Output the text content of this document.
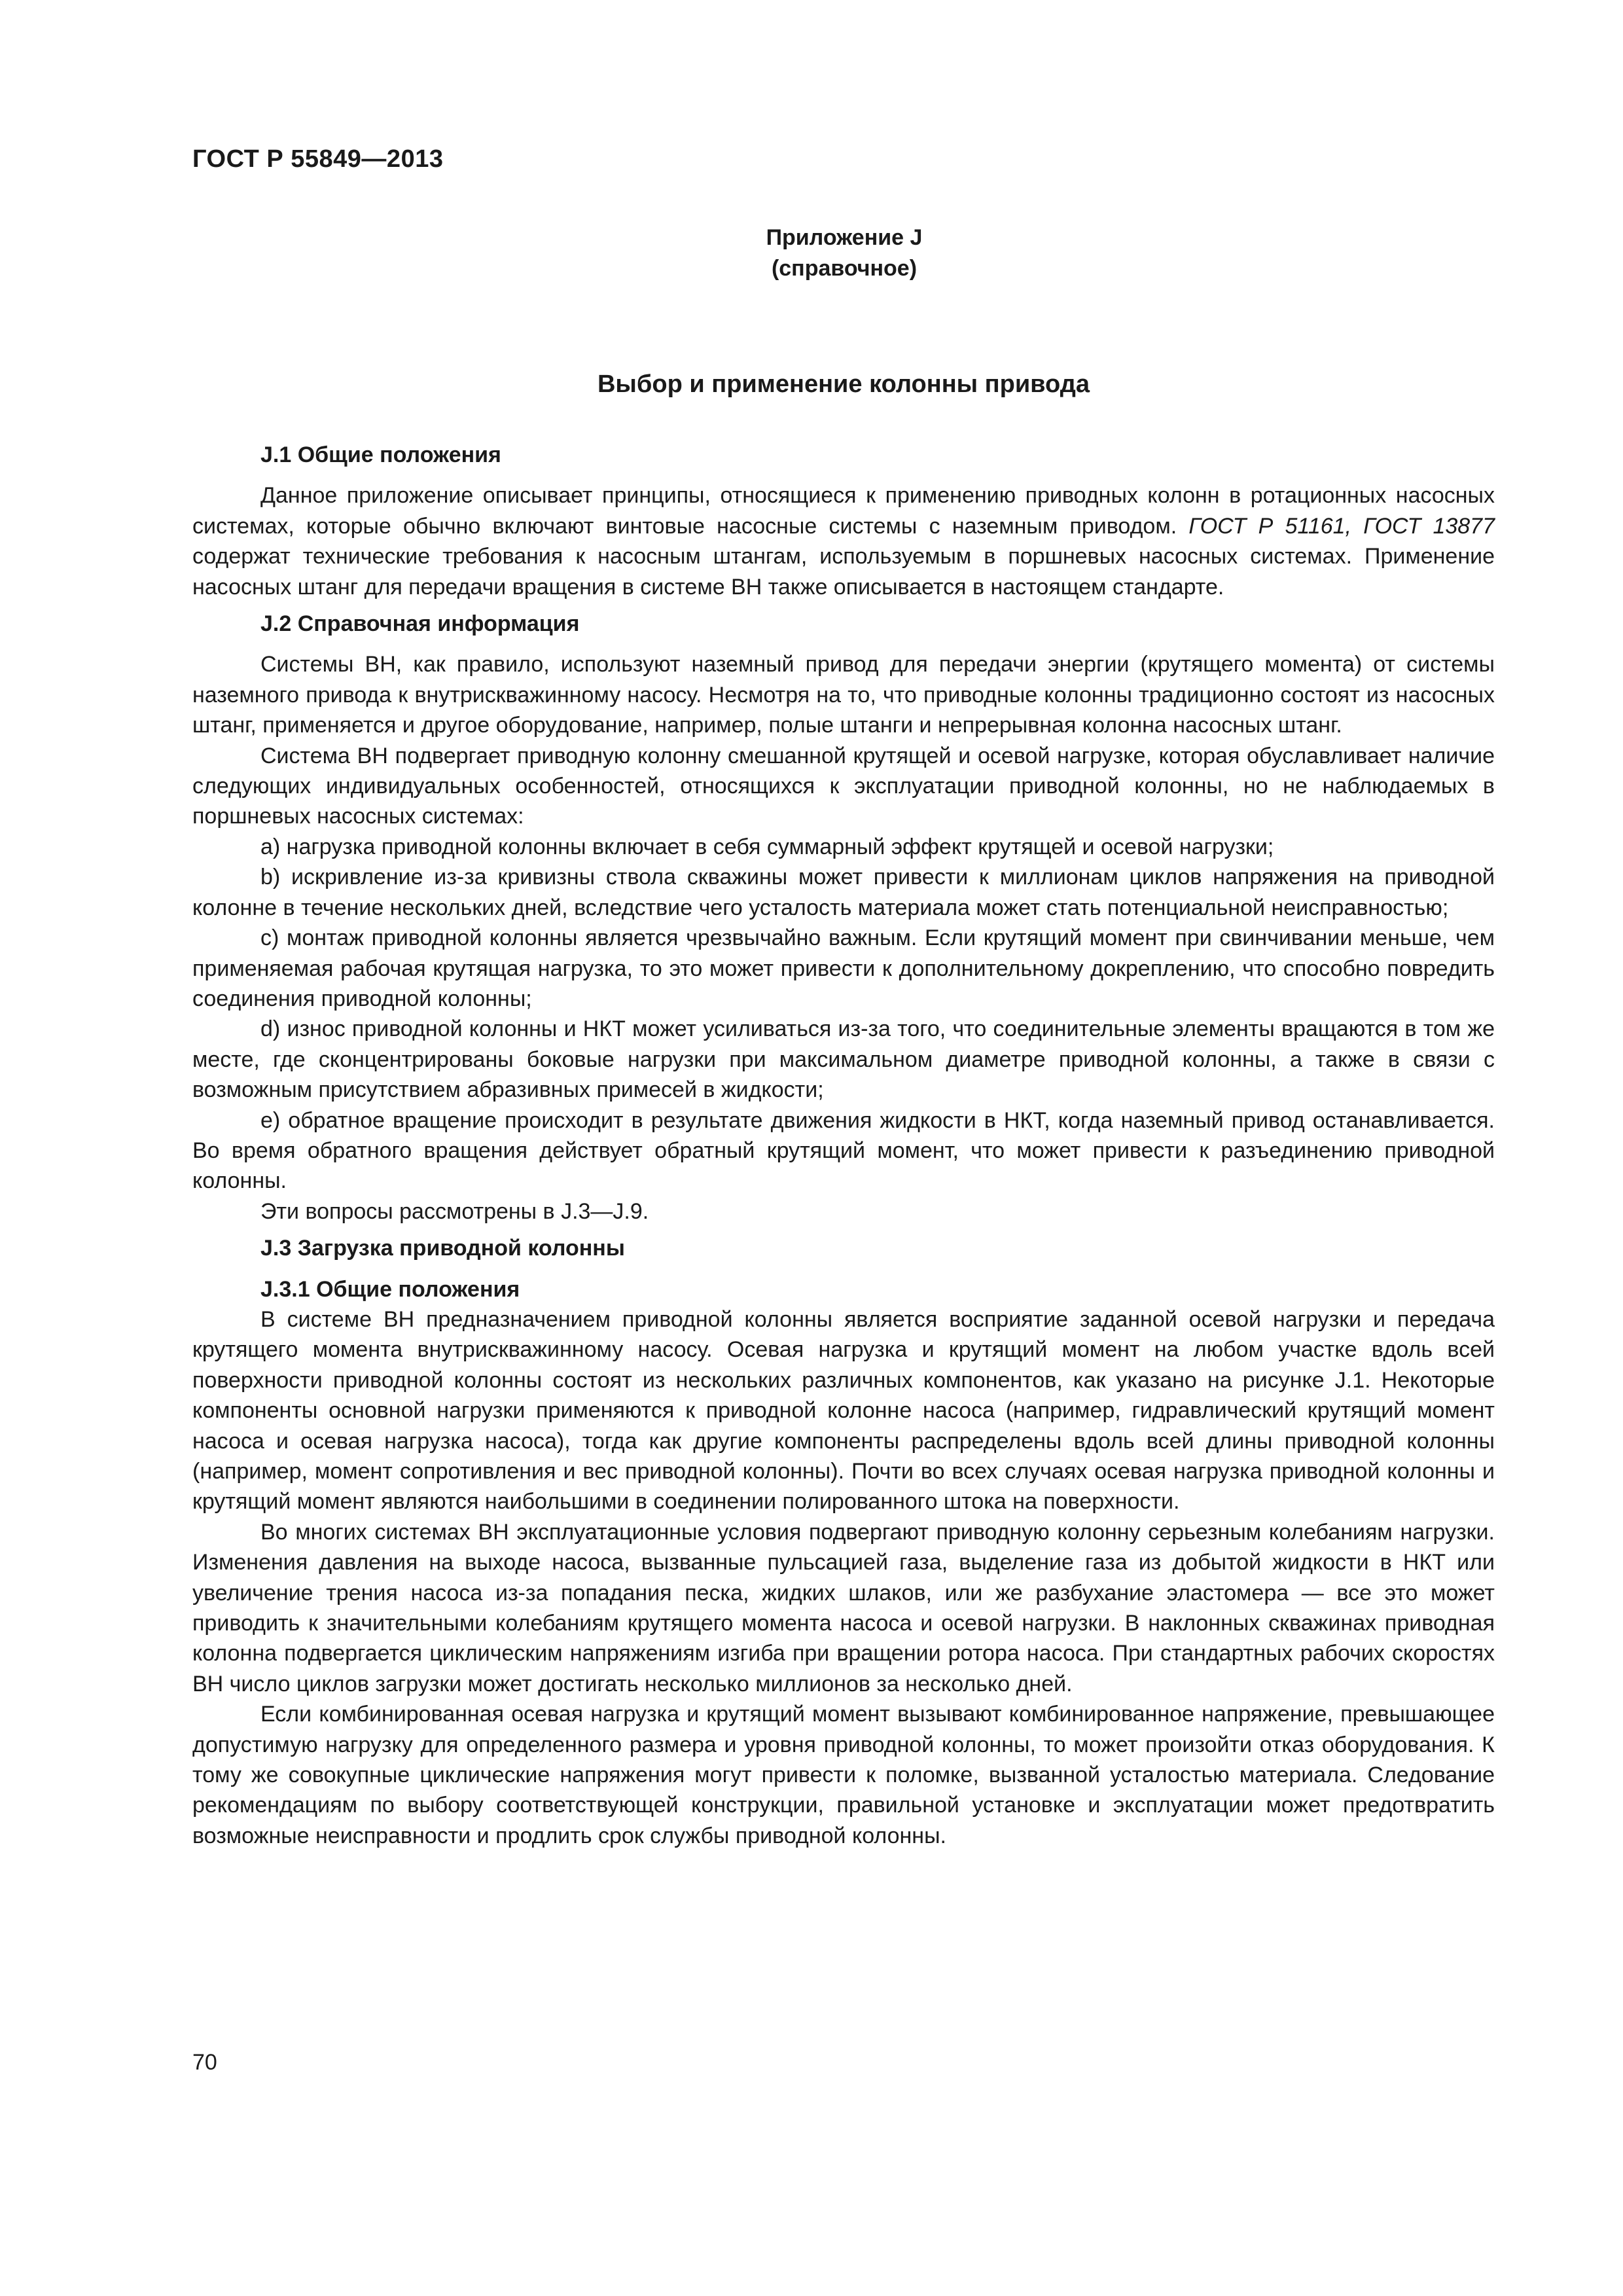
ГОСТ Р 55849—2013
Приложение J
(справочное)
Выбор и применение колонны привода
J.1 Общие положения

Данное приложение описывает принципы, относящиеся к применению приводных колонн в ротационных насосных системах, которые обычно включают винтовые насосные системы с наземным приводом. ГОСТ Р 51161, ГОСТ 13877 содержат технические требования к насосным штангам, используемым в поршневых насосных системах. Применение насосных штанг для передачи вращения в системе ВН также описывается в настоящем стандарте.

J.2 Справочная информация

Системы ВН, как правило, используют наземный привод для передачи энергии (крутящего момента) от системы наземного привода к внутрискважинному насосу. Несмотря на то, что приводные колонны традиционно состоят из насосных штанг, применяется и другое оборудование, например, полые штанги и непрерывная колонна насосных штанг.

Система ВН подвергает приводную колонну смешанной крутящей и осевой нагрузке, которая обуславливает наличие следующих индивидуальных особенностей, относящихся к эксплуатации приводной колонны, но не наблюдаемых в поршневых насосных системах:

a) нагрузка приводной колонны включает в себя суммарный эффект крутящей и осевой нагрузки;
b) искривление из-за кривизны ствола скважины может привести к миллионам циклов напряжения на приводной колонне в течение нескольких дней, вследствие чего усталость материала может стать потенциальной неисправностью;
c) монтаж приводной колонны является чрезвычайно важным. Если крутящий момент при свинчивании меньше, чем применяемая рабочая крутящая нагрузка, то это может привести к дополнительному докреплению, что способно повредить соединения приводной колонны;
d) износ приводной колонны и НКТ может усиливаться из-за того, что соединительные элементы вращаются в том же месте, где сконцентрированы боковые нагрузки при максимальном диаметре приводной колонны, а также в связи с возможным присутствием абразивных примесей в жидкости;
e) обратное вращение происходит в результате движения жидкости в НКТ, когда наземный привод останавливается. Во время обратного вращения действует обратный крутящий момент, что может привести к разъединению приводной колонны.

Эти вопросы рассмотрены в J.3—J.9.

J.3 Загрузка приводной колонны
J.3.1 Общие положения

В системе ВН предназначением приводной колонны является восприятие заданной осевой нагрузки и передача крутящего момента внутрискважинному насосу. Осевая нагрузка и крутящий момент на любом участке вдоль всей поверхности приводной колонны состоят из нескольких различных компонентов, как указано на рисунке J.1. Некоторые компоненты основной нагрузки применяются к приводной колонне насоса (например, гидравлический крутящий момент насоса и осевая нагрузка насоса), тогда как другие компоненты распределены вдоль всей длины приводной колонны (например, момент сопротивления и вес приводной колонны). Почти во всех случаях осевая нагрузка приводной колонны и крутящий момент являются наибольшими в соединении полированного штока на поверхности.

Во многих системах ВН эксплуатационные условия подвергают приводную колонну серьезным колебаниям нагрузки. Изменения давления на выходе насоса, вызванные пульсацией газа, выделение газа из добытой жидкости в НКТ или увеличение трения насоса из-за попадания песка, жидких шлаков, или же разбухание эластомера — все это может приводить к значительными колебаниям крутящего момента насоса и осевой нагрузки. В наклонных скважинах приводная колонна подвергается циклическим напряжениям изгиба при вращении ротора насоса. При стандартных рабочих скоростях ВН число циклов загрузки может достигать несколько миллионов за несколько дней.

Если комбинированная осевая нагрузка и крутящий момент вызывают комбинированное напряжение, превышающее допустимую нагрузку для определенного размера и уровня приводной колонны, то может произойти отказ оборудования. К тому же совокупные циклические напряжения могут привести к поломке, вызванной усталостью материала. Следование рекомендациям по выбору соответствующей конструкции, правильной установке и эксплуатации может предотвратить возможные неисправности и продлить срок службы приводной колонны.

70
